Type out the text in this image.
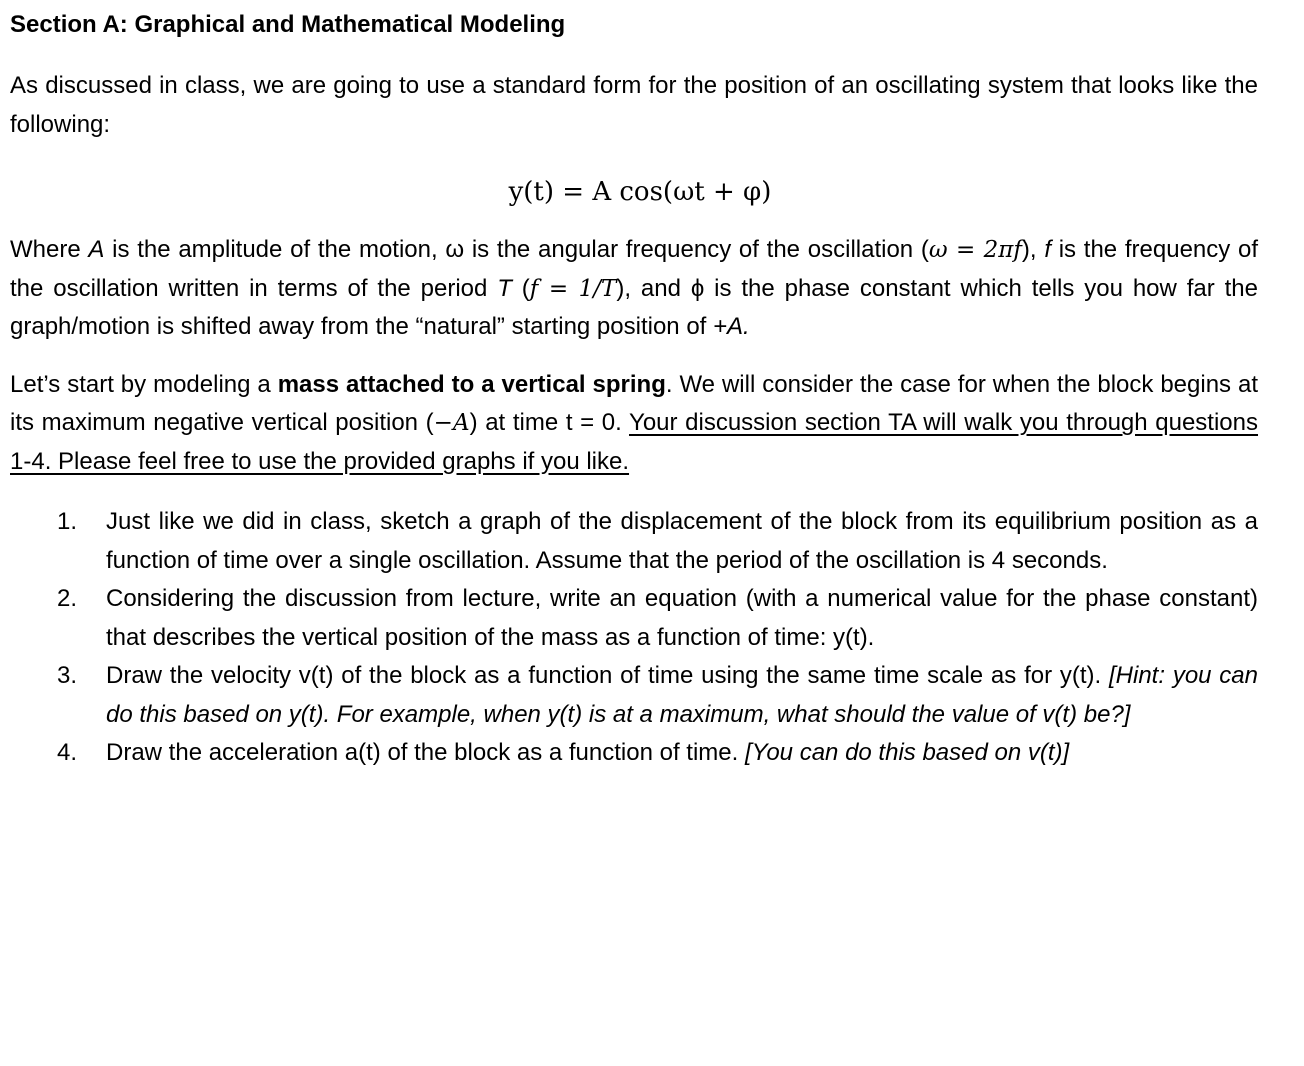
Section A: Graphical and Mathematical Modeling

As discussed in class, we are going to use a standard form for the position of an oscillating system that looks like the following:

y(t) = A cos(ωt + φ)

Where A is the amplitude of the motion, ω is the angular frequency of the oscillation (ω = 2πf), f is the frequency of the oscillation written in terms of the period T (f = 1/T), and ϕ is the phase constant which tells you how far the graph/motion is shifted away from the “natural” starting position of +A.

Let’s start by modeling a mass attached to a vertical spring. We will consider the case for when the block begins at its maximum negative vertical position (−A) at time t = 0. Your discussion section TA will walk you through questions 1-4. Please feel free to use the provided graphs if you like.

1. Just like we did in class, sketch a graph of the displacement of the block from its equilibrium position as a function of time over a single oscillation. Assume that the period of the oscillation is 4 seconds.
2. Considering the discussion from lecture, write an equation (with a numerical value for the phase constant) that describes the vertical position of the mass as a function of time: y(t).
3. Draw the velocity v(t) of the block as a function of time using the same time scale as for y(t). [Hint: you can do this based on y(t). For example, when y(t) is at a maximum, what should the value of v(t) be?]
4. Draw the acceleration a(t) of the block as a function of time. [You can do this based on v(t)]
